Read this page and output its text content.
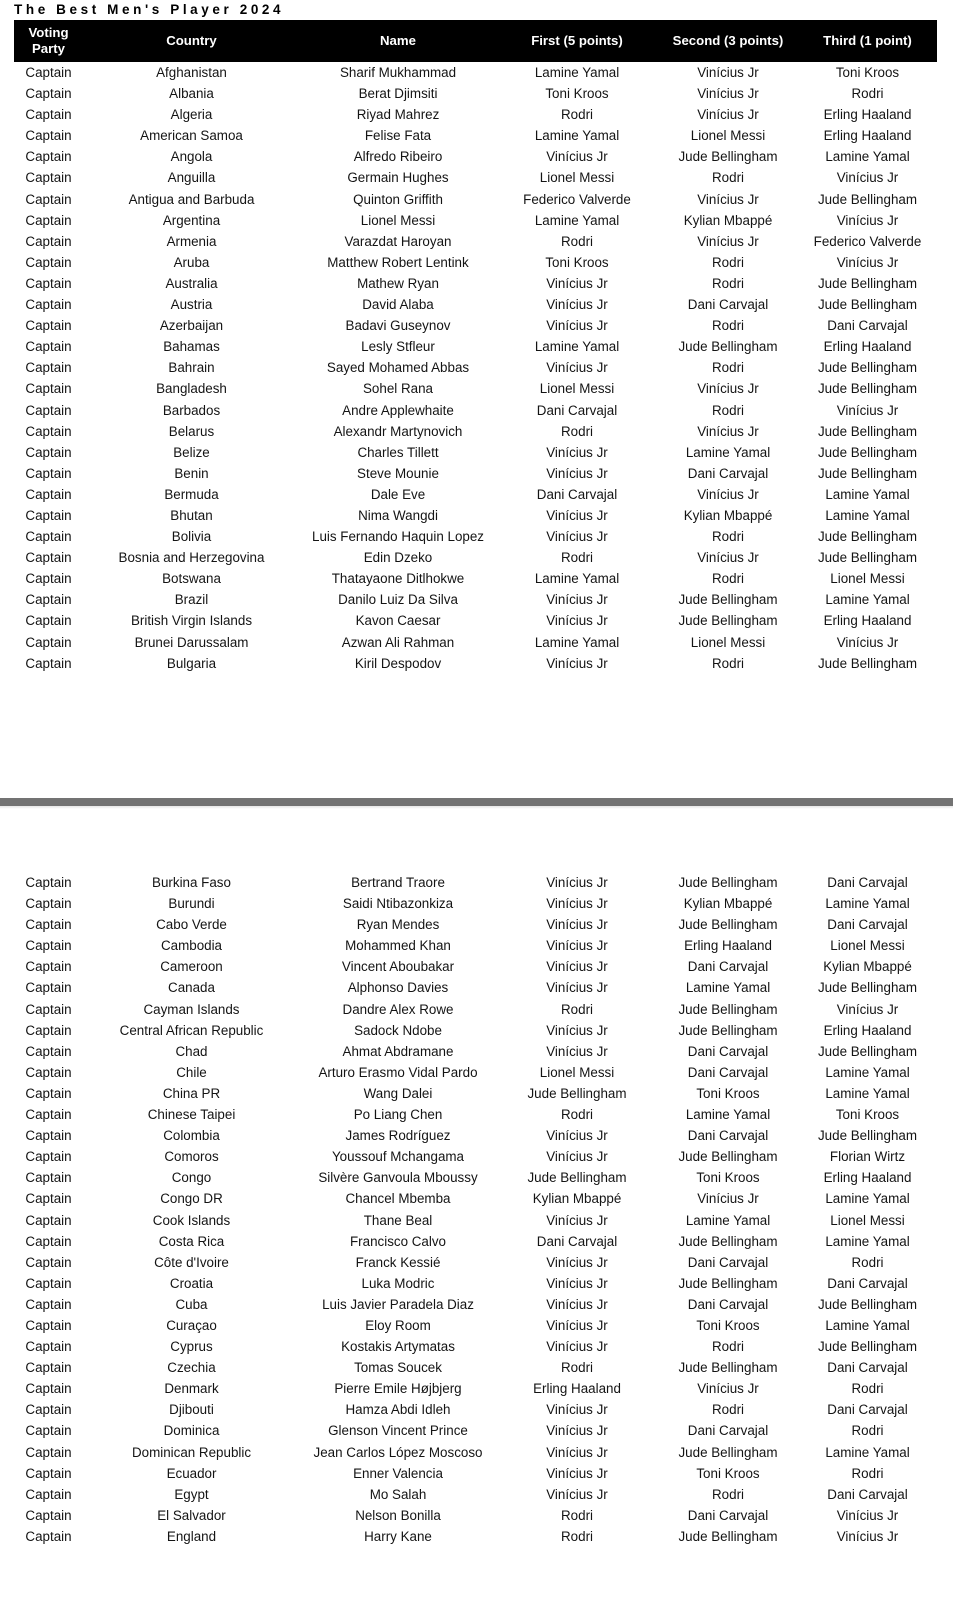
The Best Men's Player 2024
Voting
Party	Country	Name	First (5 points)	Second (3 points)	Third (1 point)
Captain	Afghanistan	Sharif Mukhammad	Lamine Yamal	Vinícius Jr	Toni Kroos
Captain	Albania	Berat Djimsiti	Toni Kroos	Vinícius Jr	Rodri
Captain	Algeria	Riyad Mahrez	Rodri	Vinícius Jr	Erling Haaland
Captain	American Samoa	Felise Fata	Lamine Yamal	Lionel Messi	Erling Haaland
Captain	Angola	Alfredo Ribeiro	Vinícius Jr	Jude Bellingham	Lamine Yamal
Captain	Anguilla	Germain Hughes	Lionel Messi	Rodri	Vinícius Jr
Captain	Antigua and Barbuda	Quinton Griffith	Federico Valverde	Vinícius Jr	Jude Bellingham
Captain	Argentina	Lionel Messi	Lamine Yamal	Kylian Mbappé	Vinícius Jr
Captain	Armenia	Varazdat Haroyan	Rodri	Vinícius Jr	Federico Valverde
Captain	Aruba	Matthew Robert Lentink	Toni Kroos	Rodri	Vinícius Jr
Captain	Australia	Mathew Ryan	Vinícius Jr	Rodri	Jude Bellingham
Captain	Austria	David Alaba	Vinícius Jr	Dani Carvajal	Jude Bellingham
Captain	Azerbaijan	Badavi Guseynov	Vinícius Jr	Rodri	Dani Carvajal
Captain	Bahamas	Lesly Stfleur	Lamine Yamal	Jude Bellingham	Erling Haaland
Captain	Bahrain	Sayed Mohamed Abbas	Vinícius Jr	Rodri	Jude Bellingham
Captain	Bangladesh	Sohel Rana	Lionel Messi	Vinícius Jr	Jude Bellingham
Captain	Barbados	Andre Applewhaite	Dani Carvajal	Rodri	Vinícius Jr
Captain	Belarus	Alexandr Martynovich	Rodri	Vinícius Jr	Jude Bellingham
Captain	Belize	Charles Tillett	Vinícius Jr	Lamine Yamal	Jude Bellingham
Captain	Benin	Steve Mounie	Vinícius Jr	Dani Carvajal	Jude Bellingham
Captain	Bermuda	Dale Eve	Dani Carvajal	Vinícius Jr	Lamine Yamal
Captain	Bhutan	Nima Wangdi	Vinícius Jr	Kylian Mbappé	Lamine Yamal
Captain	Bolivia	Luis Fernando Haquin Lopez	Vinícius Jr	Rodri	Jude Bellingham
Captain	Bosnia and Herzegovina	Edin Dzeko	Rodri	Vinícius Jr	Jude Bellingham
Captain	Botswana	Thatayaone Ditlhokwe	Lamine Yamal	Rodri	Lionel Messi
Captain	Brazil	Danilo Luiz Da Silva	Vinícius Jr	Jude Bellingham	Lamine Yamal
Captain	British Virgin Islands	Kavon Caesar	Vinícius Jr	Jude Bellingham	Erling Haaland
Captain	Brunei Darussalam	Azwan Ali Rahman	Lamine Yamal	Lionel Messi	Vinícius Jr
Captain	Bulgaria	Kiril Despodov	Vinícius Jr	Rodri	Jude Bellingham
Captain	Burkina Faso	Bertrand Traore	Vinícius Jr	Jude Bellingham	Dani Carvajal
Captain	Burundi	Saidi Ntibazonkiza	Vinícius Jr	Kylian Mbappé	Lamine Yamal
Captain	Cabo Verde	Ryan Mendes	Vinícius Jr	Jude Bellingham	Dani Carvajal
Captain	Cambodia	Mohammed Khan	Vinícius Jr	Erling Haaland	Lionel Messi
Captain	Cameroon	Vincent Aboubakar	Vinícius Jr	Dani Carvajal	Kylian Mbappé
Captain	Canada	Alphonso Davies	Vinícius Jr	Lamine Yamal	Jude Bellingham
Captain	Cayman Islands	Dandre Alex Rowe	Rodri	Jude Bellingham	Vinícius Jr
Captain	Central African Republic	Sadock Ndobe	Vinícius Jr	Jude Bellingham	Erling Haaland
Captain	Chad	Ahmat Abdramane	Vinícius Jr	Dani Carvajal	Jude Bellingham
Captain	Chile	Arturo Erasmo Vidal Pardo	Lionel Messi	Dani Carvajal	Lamine Yamal
Captain	China PR	Wang Dalei	Jude Bellingham	Toni Kroos	Lamine Yamal
Captain	Chinese Taipei	Po Liang Chen	Rodri	Lamine Yamal	Toni Kroos
Captain	Colombia	James Rodríguez	Vinícius Jr	Dani Carvajal	Jude Bellingham
Captain	Comoros	Youssouf Mchangama	Vinícius Jr	Jude Bellingham	Florian Wirtz
Captain	Congo	Silvère Ganvoula Mboussy	Jude Bellingham	Toni Kroos	Erling Haaland
Captain	Congo DR	Chancel Mbemba	Kylian Mbappé	Vinícius Jr	Lamine Yamal
Captain	Cook Islands	Thane Beal	Vinícius Jr	Lamine Yamal	Lionel Messi
Captain	Costa Rica	Francisco Calvo	Dani Carvajal	Jude Bellingham	Lamine Yamal
Captain	Côte d'Ivoire	Franck Kessié	Vinícius Jr	Dani Carvajal	Rodri
Captain	Croatia	Luka Modric	Vinícius Jr	Jude Bellingham	Dani Carvajal
Captain	Cuba	Luis Javier Paradela Diaz	Vinícius Jr	Dani Carvajal	Jude Bellingham
Captain	Curaçao	Eloy Room	Vinícius Jr	Toni Kroos	Lamine Yamal
Captain	Cyprus	Kostakis Artymatas	Vinícius Jr	Rodri	Jude Bellingham
Captain	Czechia	Tomas Soucek	Rodri	Jude Bellingham	Dani Carvajal
Captain	Denmark	Pierre Emile Højbjerg	Erling Haaland	Vinícius Jr	Rodri
Captain	Djibouti	Hamza Abdi Idleh	Vinícius Jr	Rodri	Dani Carvajal
Captain	Dominica	Glenson Vincent Prince	Vinícius Jr	Dani Carvajal	Rodri
Captain	Dominican Republic	Jean Carlos López Moscoso	Vinícius Jr	Jude Bellingham	Lamine Yamal
Captain	Ecuador	Enner Valencia	Vinícius Jr	Toni Kroos	Rodri
Captain	Egypt	Mo Salah	Vinícius Jr	Rodri	Dani Carvajal
Captain	El Salvador	Nelson Bonilla	Rodri	Dani Carvajal	Vinícius Jr
Captain	England	Harry Kane	Rodri	Jude Bellingham	Vinícius Jr
